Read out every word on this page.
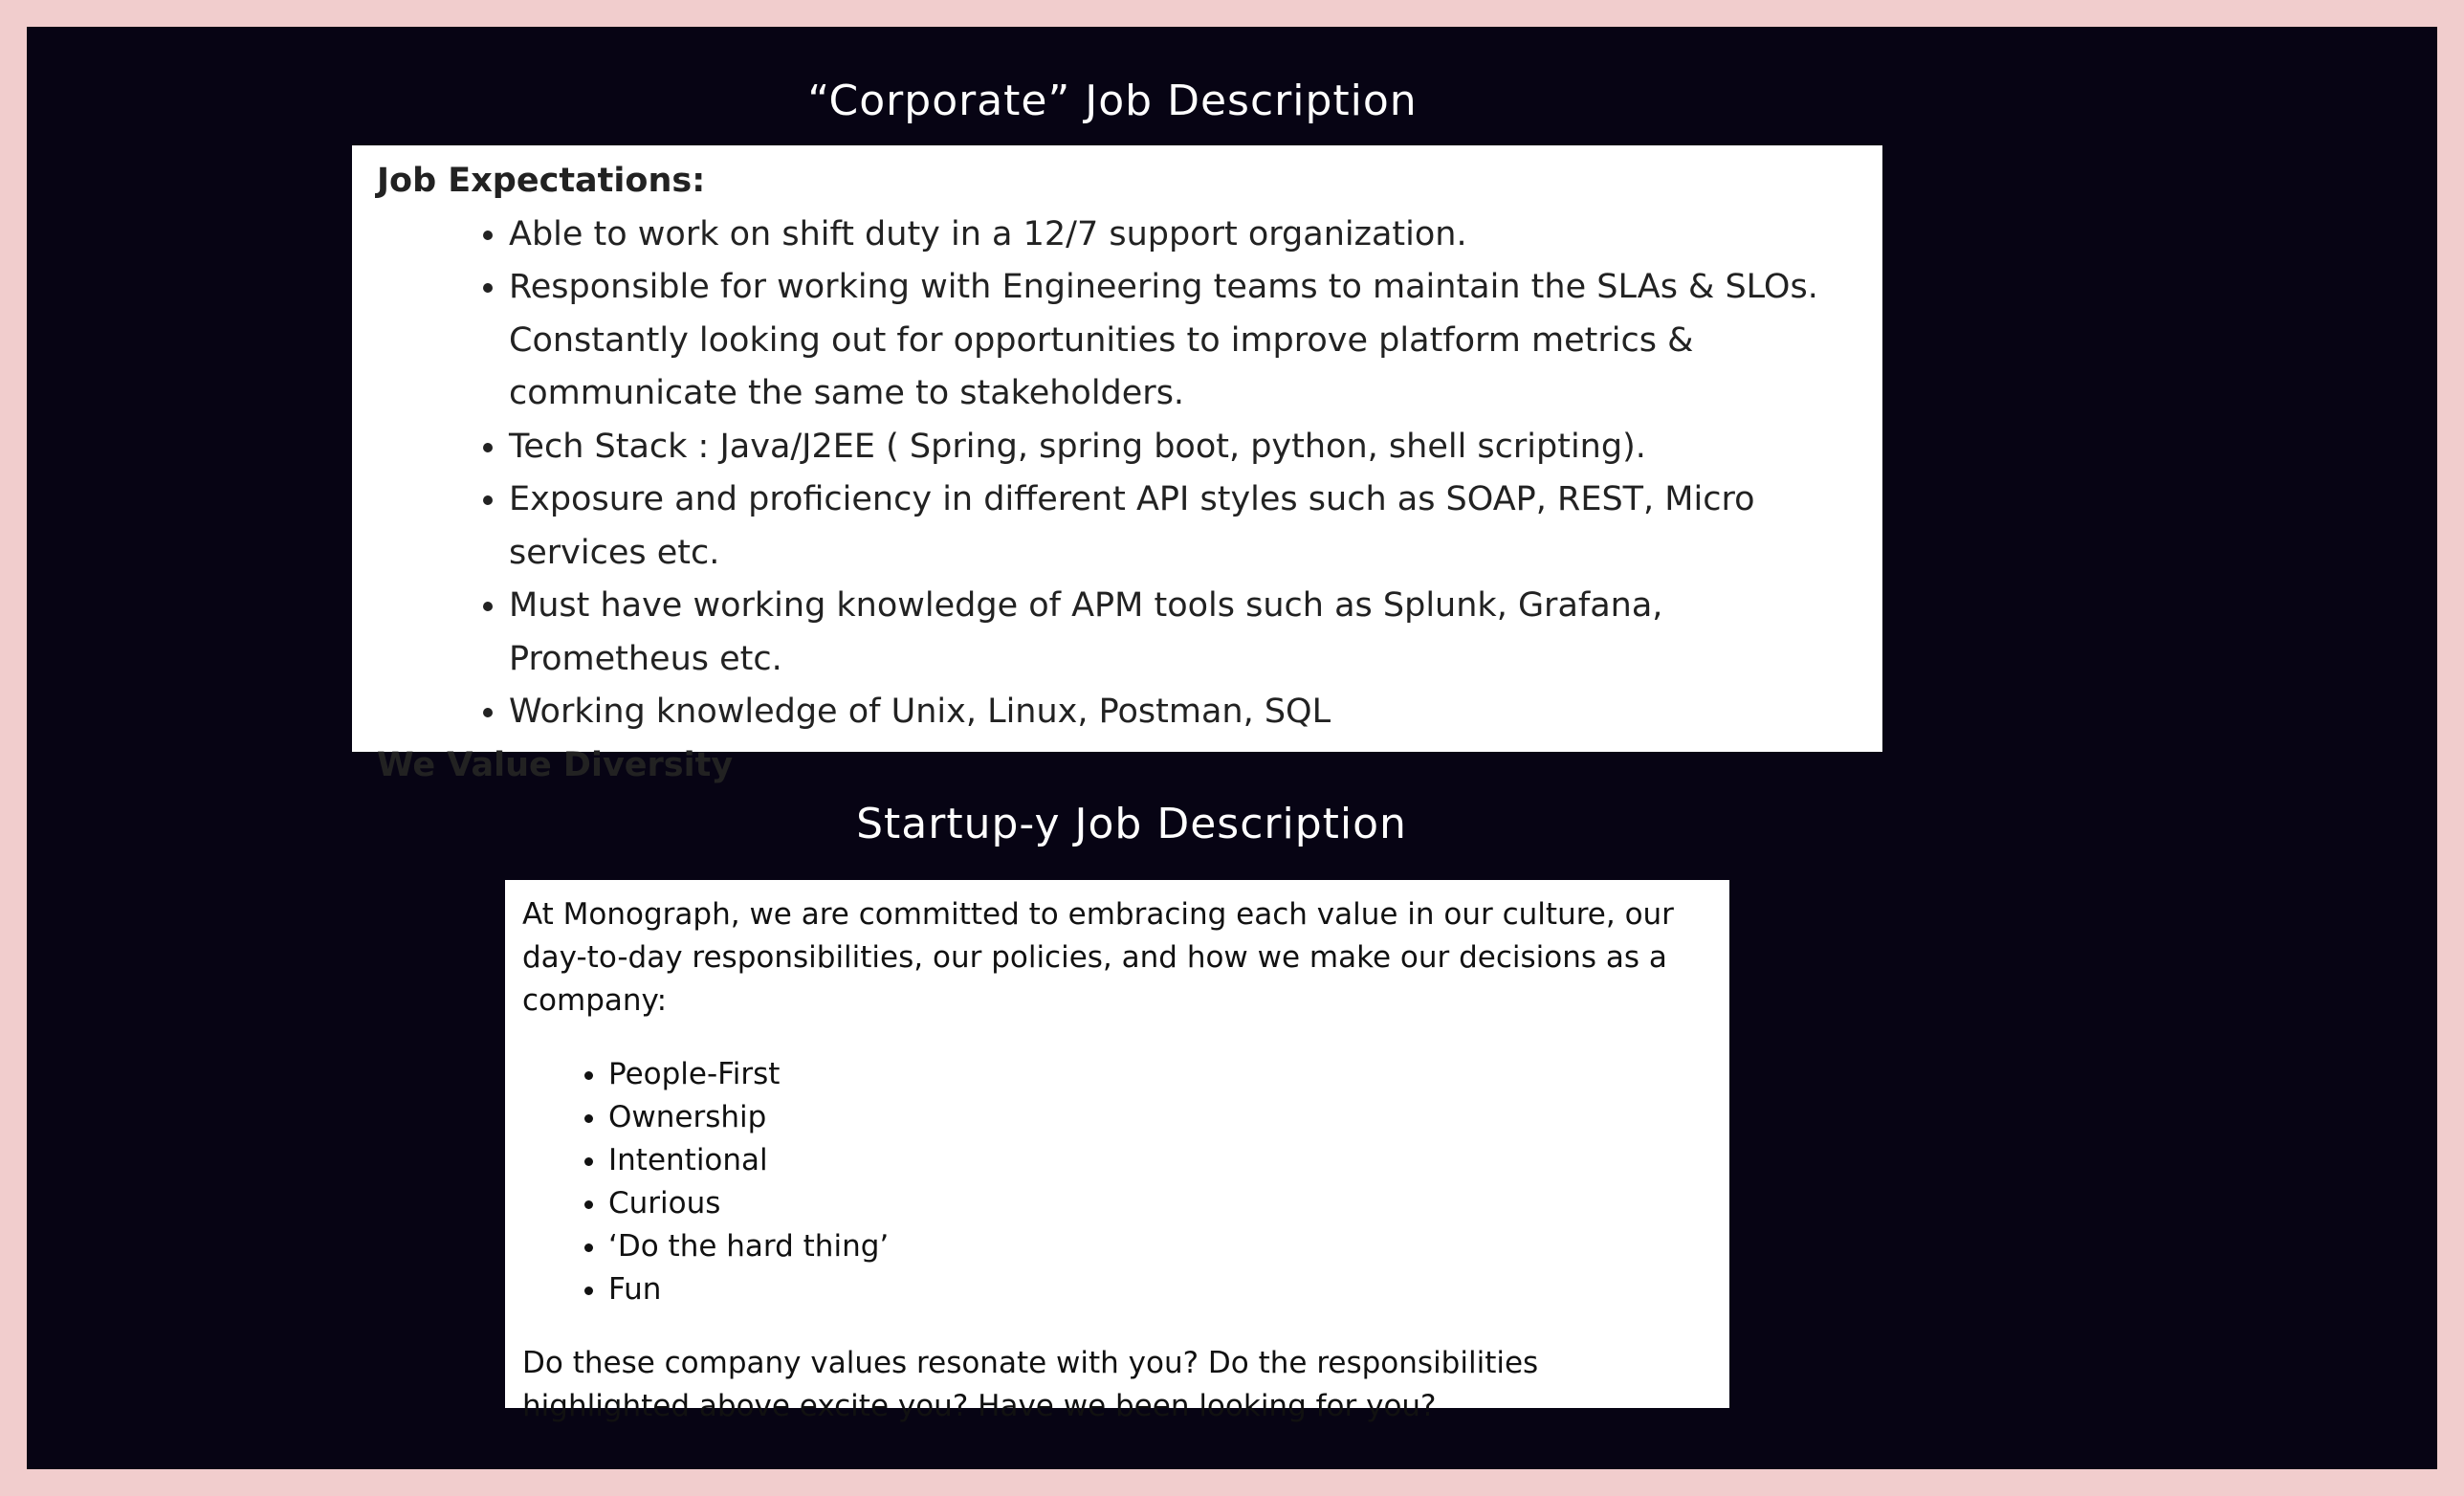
“Corporate” Job Description

Job Expectations:

• Able to work on shift duty in a 12/7 support organization.
• Responsible for working with Engineering teams to maintain the SLAs & SLOs. Constantly looking out for opportunities to improve platform metrics & communicate the same to stakeholders.
• Tech Stack : Java/J2EE ( Spring, spring boot, python, shell scripting).
• Exposure and proficiency in different API styles such as SOAP, REST, Micro services etc.
• Must have working knowledge of APM tools such as Splunk, Grafana, Prometheus etc.
• Working knowledge of Unix, Linux, Postman, SQL

We Value Diversity

Startup-y Job Description

At Monograph, we are committed to embracing each value in our culture, our day-to-day responsibilities, our policies, and how we make our decisions as a company:

• People-First
• Ownership
• Intentional
• Curious
• ‘Do the hard thing’
• Fun

Do these company values resonate with you? Do the responsibilities highlighted above excite you? Have we been looking for you?
